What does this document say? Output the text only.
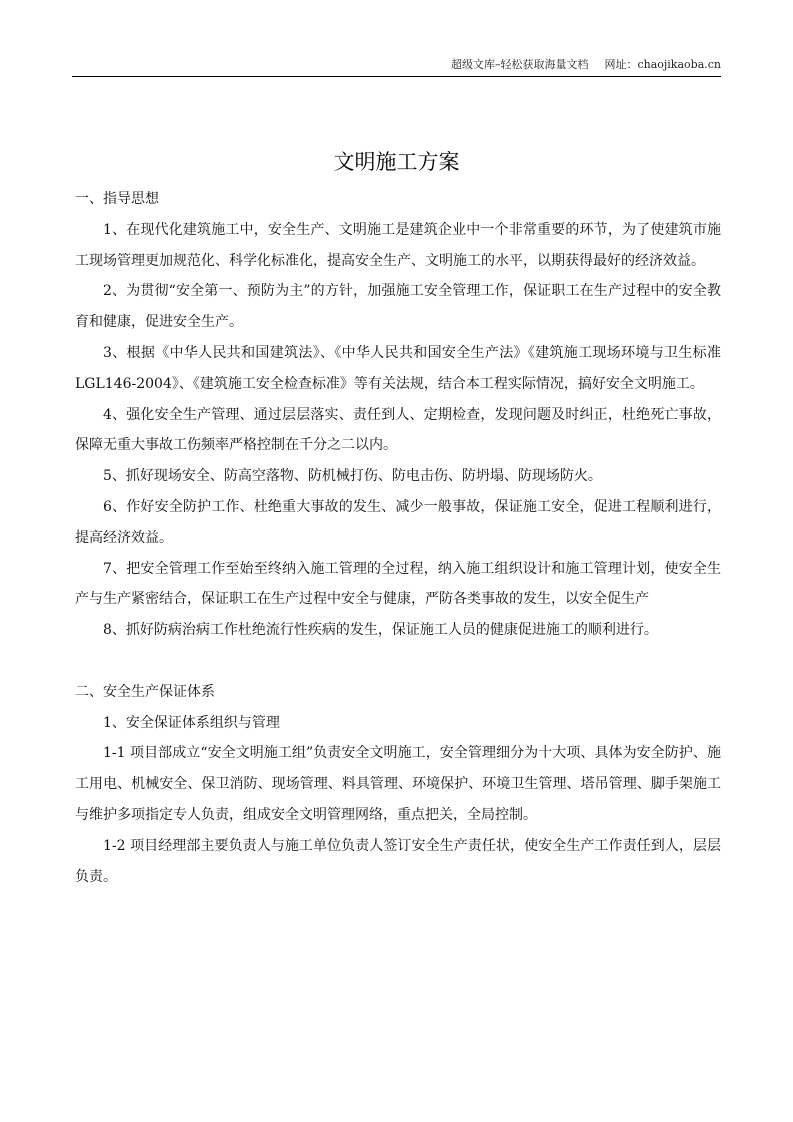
超级文库–轻松获取海量文档 网址：chaojikaoba.cn
文明施工方案

一、指导思想

1、在现代化建筑施工中，安全生产、文明施工是建筑企业中一个非常重要的环节，为了使建筑市施工现场管理更加规范化、科学化标准化，提高安全生产、文明施工的水平，以期获得最好的经济效益。

2、为贯彻“安全第一、预防为主”的方针，加强施工安全管理工作，保证职工在生产过程中的安全教育和健康，促进安全生产。

3、根据《中华人民共和国建筑法》、《中华人民共和国安全生产法》《建筑施工现场环境与卫生标准 LGL146-2004》、《建筑施工安全检查标准》等有关法规，结合本工程实际情况，搞好安全文明施工。

4、强化安全生产管理、通过层层落实、责任到人、定期检查，发现问题及时纠正，杜绝死亡事故，保障无重大事故工伤频率严格控制在千分之二以内。

5、抓好现场安全、防高空落物、防机械打伤、防电击伤、防坍塌、防现场防火。

6、作好安全防护工作、杜绝重大事故的发生、减少一般事故，保证施工安全，促进工程顺利进行，提高经济效益。

7、把安全管理工作至始至终纳入施工管理的全过程，纳入施工组织设计和施工管理计划，使安全生产与生产紧密结合，保证职工在生产过程中安全与健康，严防各类事故的发生，以安全促生产

8、抓好防病治病工作杜绝流行性疾病的发生，保证施工人员的健康促进施工的顺利进行。

二、安全生产保证体系

1、安全保证体系组织与管理

1-1 项目部成立“安全文明施工组”负责安全文明施工，安全管理细分为十大项、具体为安全防护、施工用电、机械安全、保卫消防、现场管理、料具管理、环境保护、环境卫生管理、塔吊管理、脚手架施工与维护多项指定专人负责，组成安全文明管理网络，重点把关，全局控制。

1-2 项目经理部主要负责人与施工单位负责人签订安全生产责任状，使安全生产工作责任到人，层层负责。
